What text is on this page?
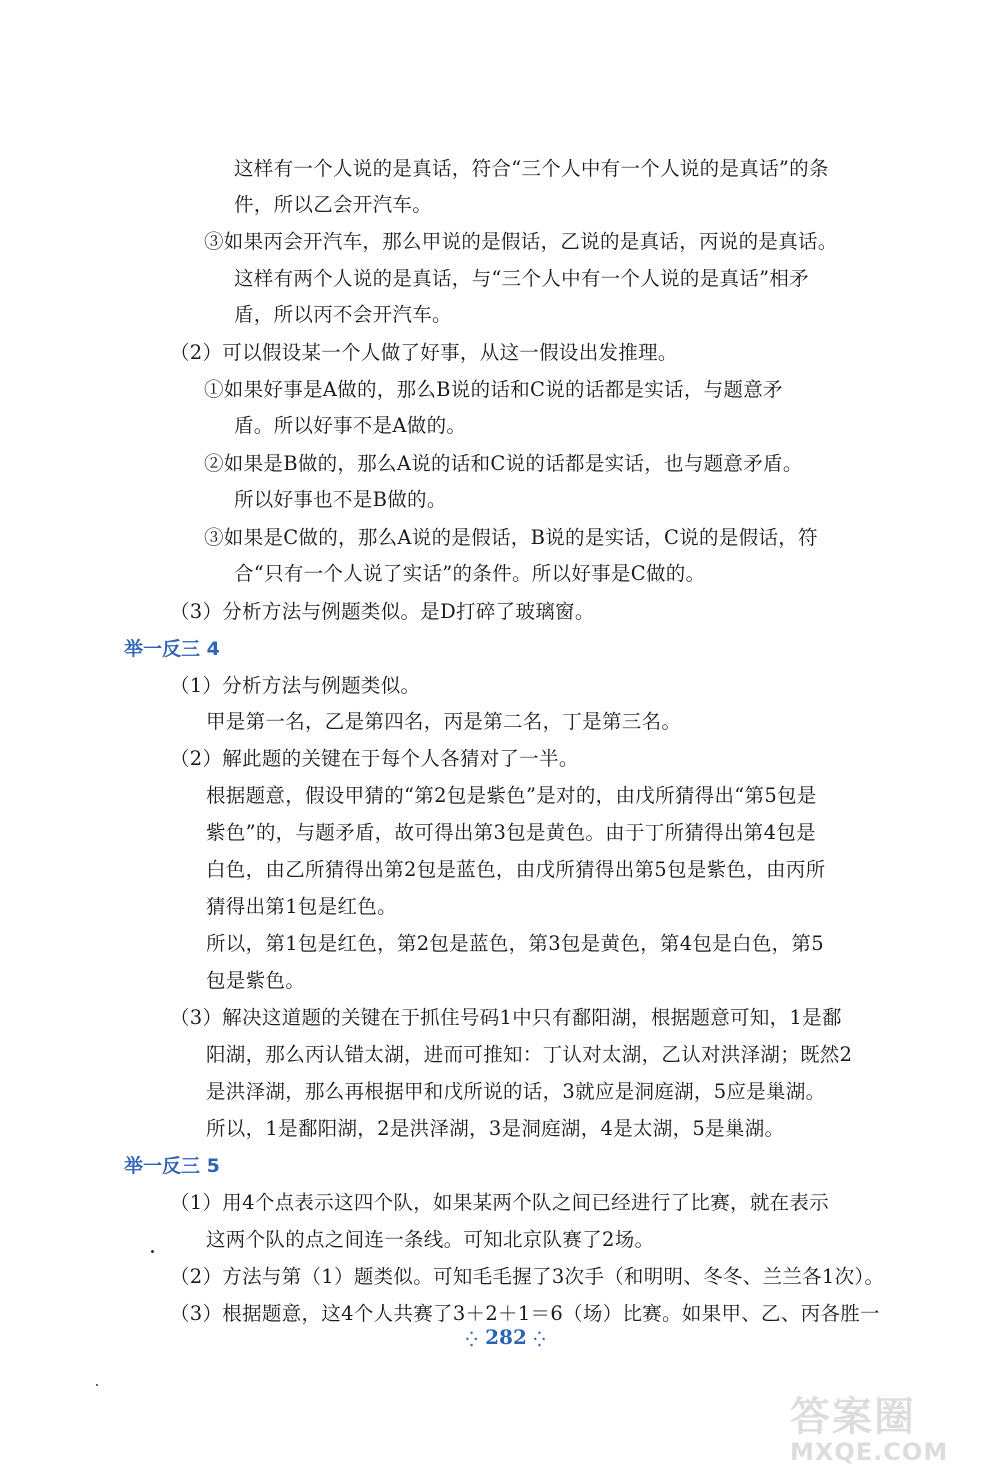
这样有一个人说的是真话，符合“三个人中有一个人说的是真话”的条
件，所以乙会开汽车。
③如果丙会开汽车，那么甲说的是假话，乙说的是真话，丙说的是真话。
这样有两个人说的是真话，与“三个人中有一个人说的是真话”相矛
盾，所以丙不会开汽车。
（2）可以假设某一个人做了好事，从这一假设出发推理。
①如果好事是A做的，那么B说的话和C说的话都是实话，与题意矛
盾。所以好事不是A做的。
②如果是B做的，那么A说的话和C说的话都是实话，也与题意矛盾。
所以好事也不是B做的。
③如果是C做的，那么A说的是假话，B说的是实话，C说的是假话，符
合“只有一个人说了实话”的条件。所以好事是C做的。
（3）分析方法与例题类似。是D打碎了玻璃窗。
举一反三 4
（1）分析方法与例题类似。
甲是第一名，乙是第四名，丙是第二名，丁是第三名。
（2）解此题的关键在于每个人各猜对了一半。
根据题意，假设甲猜的“第2包是紫色”是对的，由戊所猜得出“第5包是
紫色”的，与题矛盾，故可得出第3包是黄色。由于丁所猜得出第4包是
白色，由乙所猜得出第2包是蓝色，由戊所猜得出第5包是紫色，由丙所
猜得出第1包是红色。
所以，第1包是红色，第2包是蓝色，第3包是黄色，第4包是白色，第5
包是紫色。
（3）解决这道题的关键在于抓住号码1中只有鄱阳湖，根据题意可知，1是鄱
阳湖，那么丙认错太湖，进而可推知：丁认对太湖，乙认对洪泽湖；既然2
是洪泽湖，那么再根据甲和戊所说的话，3就应是洞庭湖，5应是巢湖。
所以，1是鄱阳湖，2是洪泽湖，3是洞庭湖，4是太湖，5是巢湖。
举一反三 5
（1）用4个点表示这四个队，如果某两个队之间已经进行了比赛，就在表示
这两个队的点之间连一条线。可知北京队赛了2场。
（2）方法与第（1）题类似。可知毛毛握了3次手（和明明、冬冬、兰兰各1次）。
（3）根据题意，这4个人共赛了3＋2＋1＝6（场）比赛。如果甲、乙、丙各胜一
⁛ 282 ⁛
答案圈
MXQE.COM
